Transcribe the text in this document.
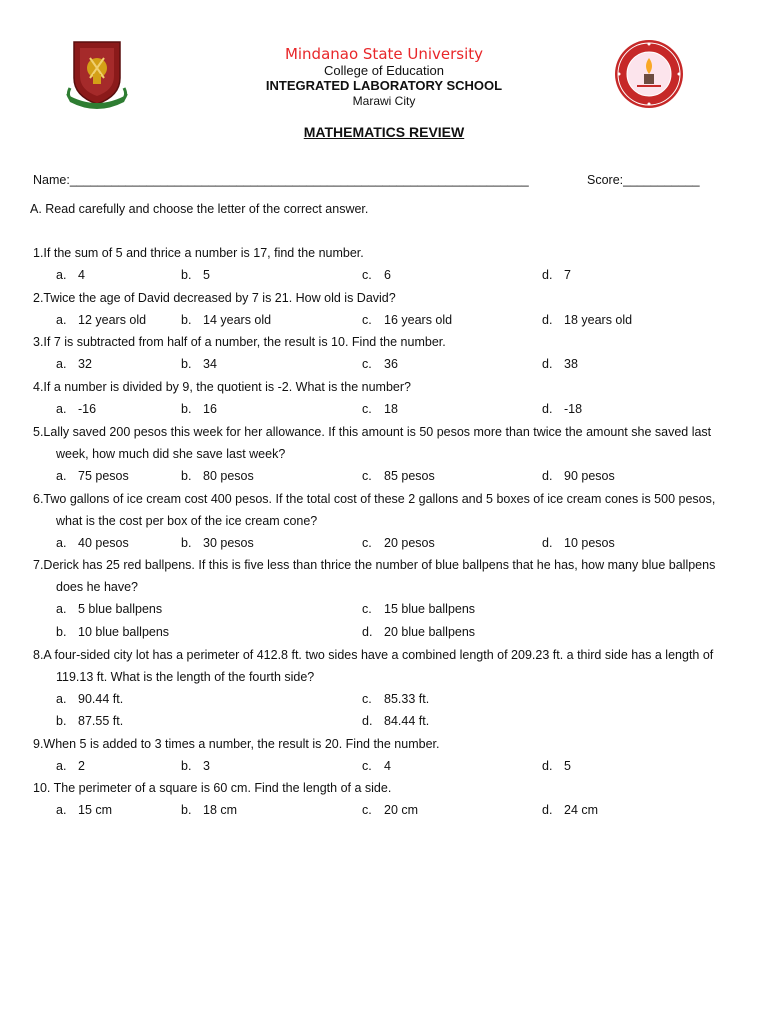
Mindanao State University
College of Education
INTEGRATED LABORATORY SCHOOL
Marawi City
MATHEMATICS REVIEW
Name:__________________________________________________________________	Score:___________
A. Read carefully and choose the letter of the correct answer.
1.If the sum of 5 and thrice a number is 17, find the number.
a. 4	b. 5	c. 6	d. 7
2.Twice the age of David decreased by 7 is 21. How old is David?
a. 12 years old	b. 14 years old	c. 16 years old	d. 18 years old
3.If 7 is subtracted from half of a number, the result is 10. Find the number.
a. 32	b. 34	c. 36	d. 38
4.If a number is divided by 9, the quotient is -2. What is the number?
a. -16	b. 16	c. 18	d. -18
5.Lally saved 200 pesos this week for her allowance. If this amount is 50 pesos more than twice the amount she saved last
week, how much did she save last week?
a. 75 pesos	b. 80 pesos	c. 85 pesos	d. 90 pesos
6.Two gallons of ice cream cost 400 pesos. If the total cost of these 2 gallons and 5 boxes of ice cream cones is 500 pesos,
what is the cost per box of the ice cream cone?
a. 40 pesos	b. 30 pesos	c. 20 pesos	d. 10 pesos
7.Derick has 25 red ballpens. If this is five less than thrice the number of blue ballpens that he has, how many blue ballpens
does he have?
a. 5 blue ballpens	c. 15 blue ballpens
b. 10 blue ballpens	d. 20 blue ballpens
8.A four-sided city lot has a perimeter of 412.8 ft. two sides have a combined length of 209.23 ft. a third side has a length of
119.13 ft. What is the length of the fourth side?
a. 90.44 ft.	c. 85.33 ft.
b. 87.55 ft.	d. 84.44 ft.
9.When 5 is added to 3 times a number, the result is 20. Find the number.
a. 2	b. 3	c. 4	d. 5
10. The perimeter of a square is 60 cm. Find the length of a side.
a. 15 cm	b. 18 cm	c. 20 cm	d. 24 cm
